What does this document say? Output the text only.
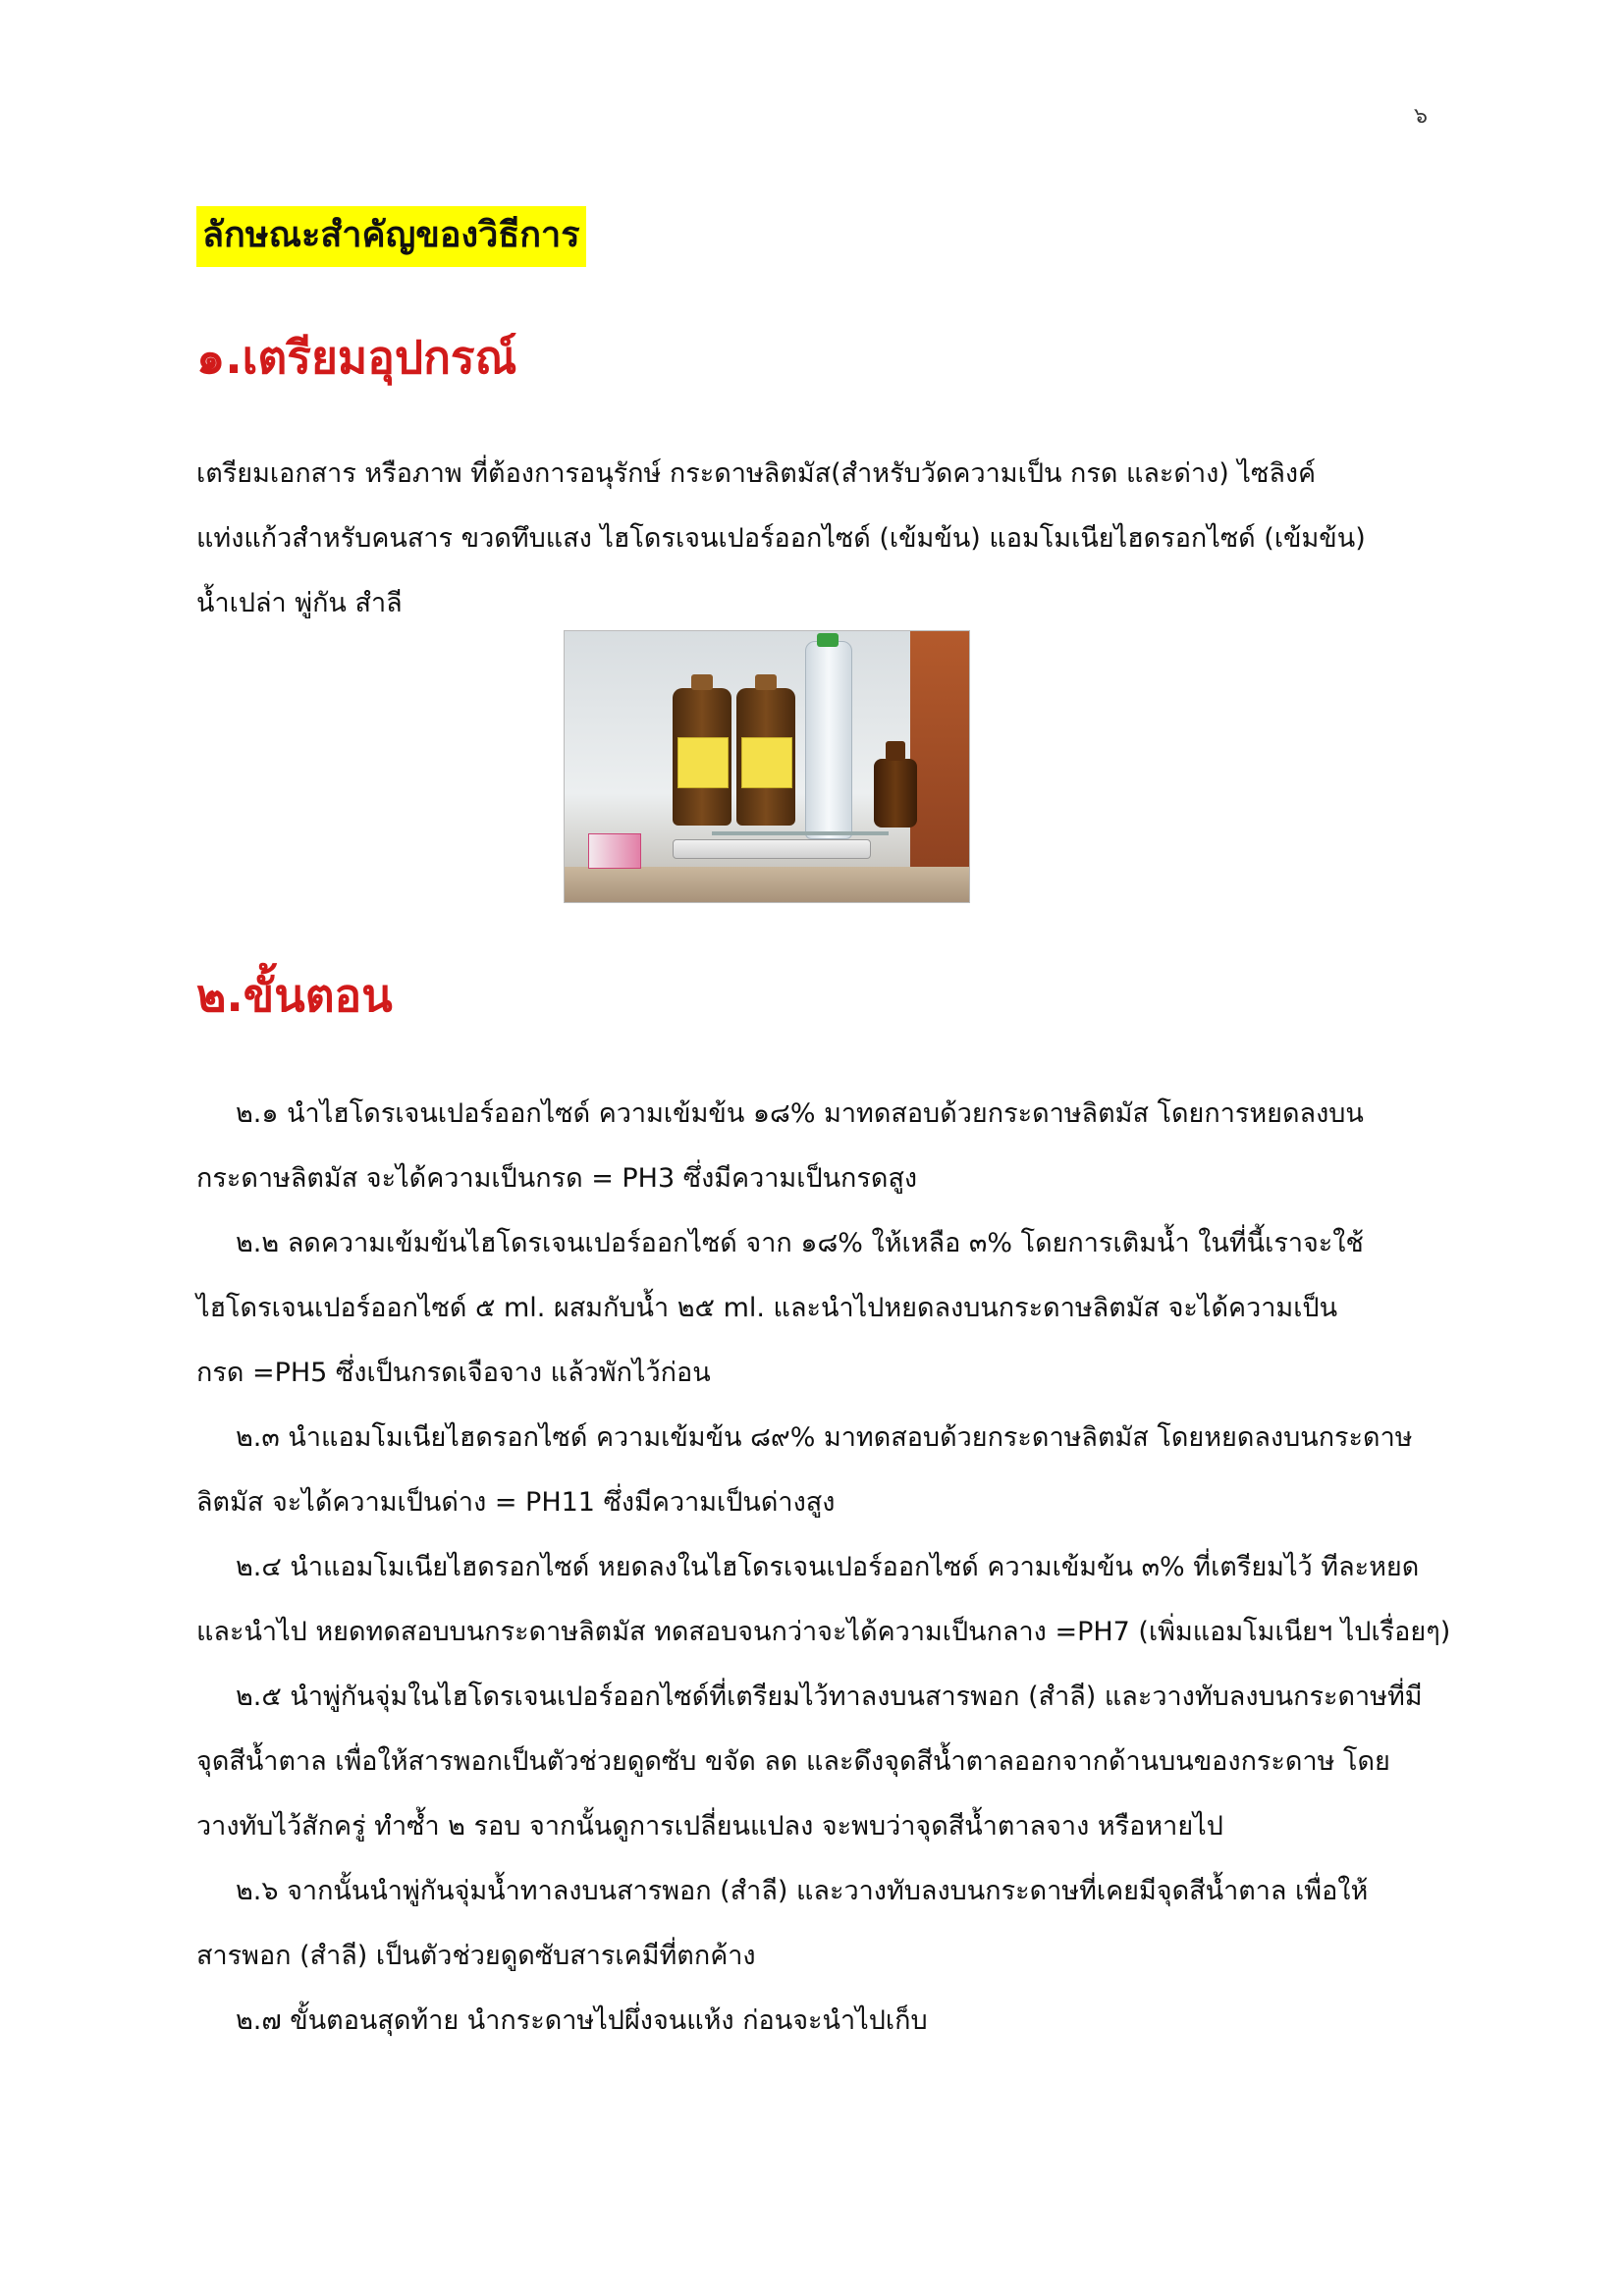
๖
ลักษณะสำคัญของวิธีการ
๑.เตรียมอุปกรณ์
เตรียมเอกสาร หรือภาพ ที่ต้องการอนุรักษ์ กระดาษลิตมัส(สำหรับวัดความเป็น กรด และด่าง) ไซลิงค์
แท่งแก้วสำหรับคนสาร ขวดทึบแสง ไฮโดรเจนเปอร์ออกไซด์ (เข้มข้น) แอมโมเนียไฮดรอกไซด์ (เข้มข้น)
น้ำเปล่า พู่กัน สำลี
๒.ขั้นตอน

๒.๑ นำไฮโดรเจนเปอร์ออกไซด์ ความเข้มข้น ๑๘% มาทดสอบด้วยกระดาษลิตมัส โดยการหยดลงบน
กระดาษลิตมัส จะได้ความเป็นกรด = PH3 ซึ่งมีความเป็นกรดสูง

๒.๒ ลดความเข้มข้นไฮโดรเจนเปอร์ออกไซด์ จาก ๑๘% ให้เหลือ ๓% โดยการเติมน้ำ ในที่นี้เราจะใช้
ไฮโดรเจนเปอร์ออกไซด์ ๕ ml. ผสมกับน้ำ ๒๕ ml. และนำไปหยดลงบนกระดาษลิตมัส จะได้ความเป็น
กรด =PH5 ซึ่งเป็นกรดเจือจาง แล้วพักไว้ก่อน

๒.๓ นำแอมโมเนียไฮดรอกไซด์ ความเข้มข้น ๘๙% มาทดสอบด้วยกระดาษลิตมัส โดยหยดลงบนกระดาษ
ลิตมัส จะได้ความเป็นด่าง = PH11 ซึ่งมีความเป็นด่างสูง

๒.๔ นำแอมโมเนียไฮดรอกไซด์ หยดลงในไฮโดรเจนเปอร์ออกไซด์ ความเข้มข้น ๓% ที่เตรียมไว้ ทีละหยด
และนำไป หยดทดสอบบนกระดาษลิตมัส ทดสอบจนกว่าจะได้ความเป็นกลาง =PH7 (เพิ่มแอมโมเนียฯ ไปเรื่อยๆ)

๒.๕ นำพู่กันจุ่มในไฮโดรเจนเปอร์ออกไซด์ที่เตรียมไว้ทาลงบนสารพอก (สำลี) และวางทับลงบนกระดาษที่มี
จุดสีน้ำตาล เพื่อให้สารพอกเป็นตัวช่วยดูดซับ ขจัด ลด และดึงจุดสีน้ำตาลออกจากด้านบนของกระดาษ โดย
วางทับไว้สักครู่ ทำซ้ำ ๒ รอบ จากนั้นดูการเปลี่ยนแปลง จะพบว่าจุดสีน้ำตาลจาง หรือหายไป

๒.๖ จากนั้นนำพู่กันจุ่มน้ำทาลงบนสารพอก (สำลี) และวางทับลงบนกระดาษที่เคยมีจุดสีน้ำตาล เพื่อให้
สารพอก (สำลี) เป็นตัวช่วยดูดซับสารเคมีที่ตกค้าง

๒.๗ ขั้นตอนสุดท้าย นำกระดาษไปผึ่งจนแห้ง ก่อนจะนำไปเก็บ
